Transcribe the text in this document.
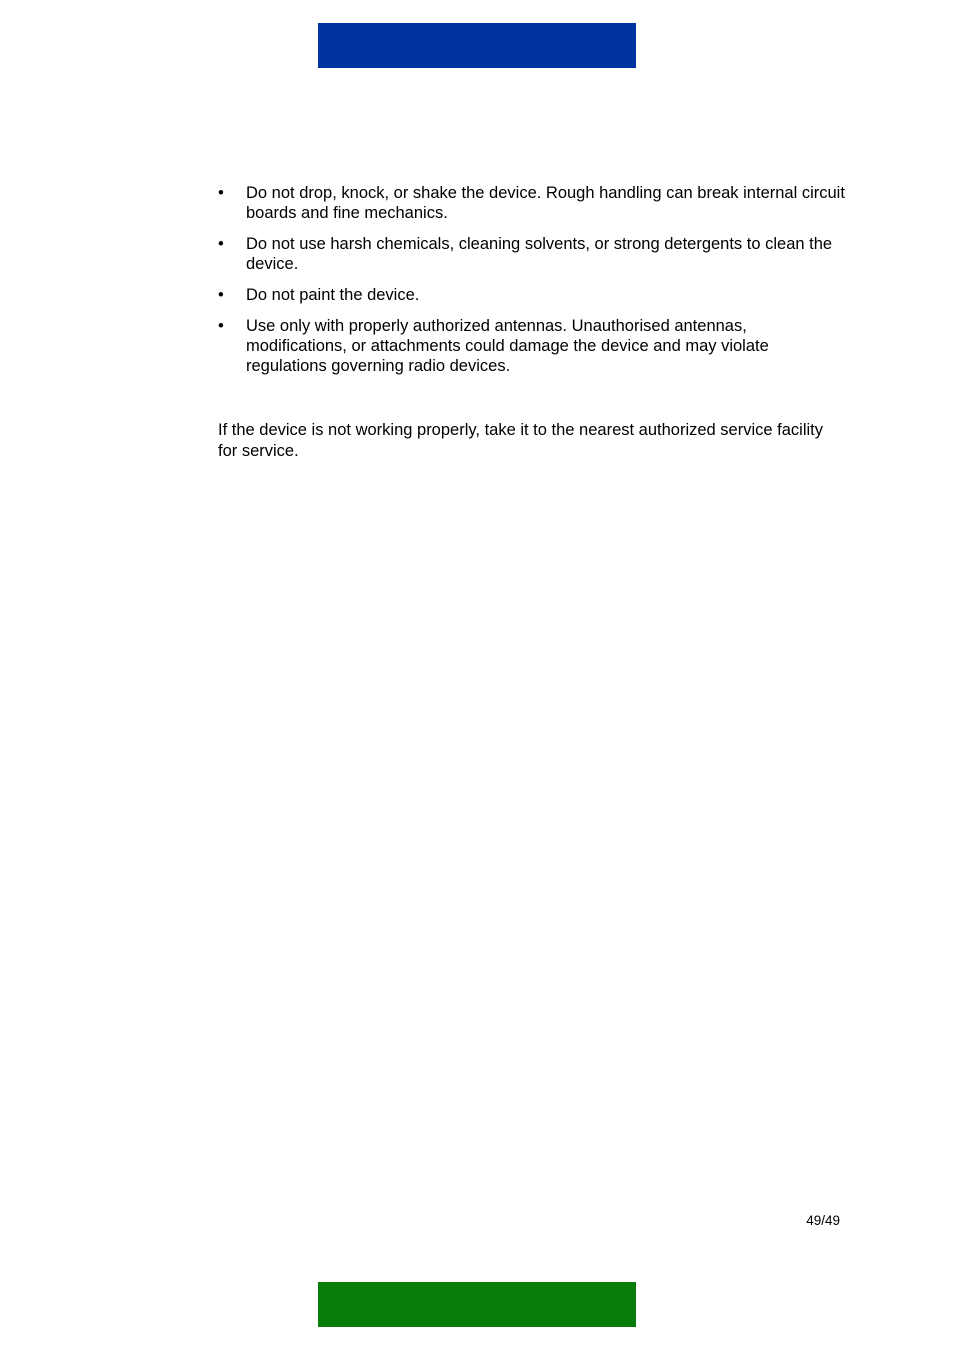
• Do not drop, knock, or shake the device. Rough handling can break internal circuit boards and fine mechanics.
• Do not use harsh chemicals, cleaning solvents, or strong detergents to clean the device.
• Do not paint the device.
• Use only with properly authorized antennas. Unauthorised antennas, modifications, or attachments could damage the device and may violate regulations governing radio devices.

If the device is not working properly, take it to the nearest authorized service facility for service.

49/49
